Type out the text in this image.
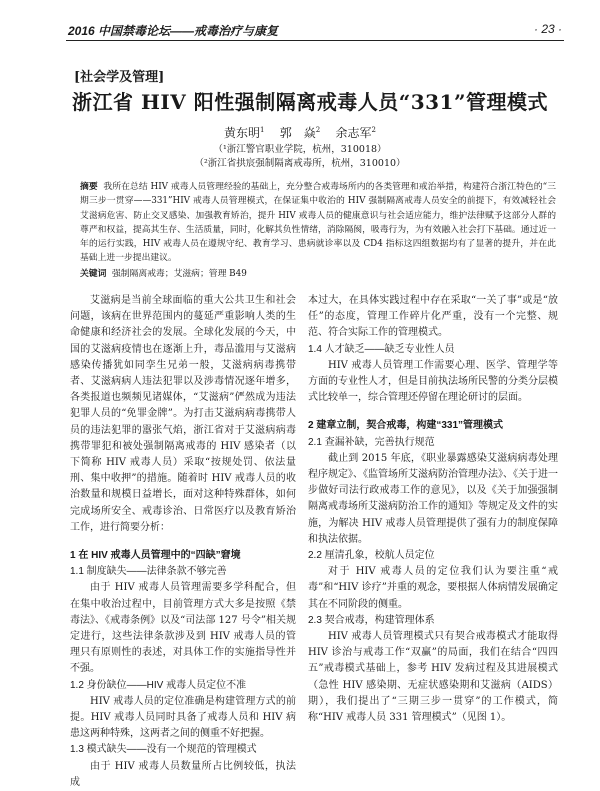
2016 中国禁毒论坛——戒毒治疗与康复	· 23 ·
[社会学及管理]
浙江省 HIV 阳性强制隔离戒毒人员“331”管理模式
黄东明$^1$ 郭　焱$^2$ 余志军$^2$
（¹浙江警官职业学院，杭州，310018）
（²浙江省拱宸强制隔离戒毒所，杭州，310010）
摘要 我所在总结 HIV 戒毒人员管理经验的基础上，充分整合戒毒场所内的各类管理和戒治举措，构建符合浙江特色的“三期三步一贯穿——331”HIV 戒毒人员管理模式，在保证集中收治的 HIV 强制隔离戒毒人员安全的前提下，有效减轻社会艾滋病危害、防止交叉感染、加强教育矫治，提升 HIV 戒毒人员的健康意识与社会适应能力，维护法律赋予这部分人群的尊严和权益，提高其生存、生活质量，同时，化解其负性情绪，消除隔阂，吸毒行为，为有效融入社会打下基础。通过近一年的运行实践，HIV 戒毒人员在遵规守纪、教育学习、患病就诊率以及 CD4 指标这四组数据均有了显著的提升，并在此基础上进一步提出建议。
关键词 强制隔离戒毒；艾滋病；管理 B49

艾滋病是当前全球面临的重大公共卫生和社会问题，该病在世界范围内的蔓延严重影响人类的生命健康和经济社会的发展。全球化发展的今天，中国的艾滋病疫情也在逐渐上升，毒品滥用与艾滋病感染传播犹如同孪生兄弟一般，艾滋病病毒携带者、艾滋病病人违法犯罪以及涉毒情况逐年增多，各类报道也频频见诸媒体，“艾滋病”俨然成为违法犯罪人员的“免罪金牌”。为打击艾滋病病毒携带人员的违法犯罪的嚣张气焰，浙江省对于艾滋病病毒携带罪犯和被处强制隔离戒毒的 HIV 感染者（以下简称 HIV 戒毒人员）采取“按规处罚、依法量刑、集中收押”的措施。随着时 HIV 戒毒人员的收治数量和规模日益增长，面对这种特殊群体，如何完成场所安全、戒毒诊治、日常医疗以及教育矫治工作，进行简要分析：

1 在 HIV 戒毒人员管理中的“四缺”窘境
1.1 制度缺失——法律条款不够完善

由于 HIV 戒毒人员管理需要多学科配合，但在集中收治过程中，目前管理方式大多是按照《禁毒法》、《戒毒条例》以及“司法部 127 号令”相关规定进行，这些法律条款涉及到 HIV 戒毒人员的管理只有原则性的表述，对具体工作的实施指导性并不强。

1.2 身份缺位——HIV 戒毒人员定位不准

HIV 戒毒人员的定位准确是构建管理方式的前提。HIV 戒毒人员同时具备了戒毒人员和 HIV 病患这两种特殊，这两者之间的侧重不好把握。

1.3 模式缺失——没有一个规范的管理模式

由于 HIV 戒毒人员数量所占比例较低，执法成

本过大，在具体实践过程中存在采取“一关了事”或是“放任”的态度，管理工作碎片化严重，没有一个完整、规范、符合实际工作的管理模式。

1.4 人才缺乏——缺乏专业性人员

HIV 戒毒人员管理工作需要心理、医学、管理学等方面的专业性人才，但是目前执法场所民警的分类分层模式比较单一，综合管理还停留在理论研讨的层面。

2 建章立制，契合戒毒，构建“331”管理模式
2.1 查漏补缺，完善执行规范

截止到 2015 年底，《职业暴露感染艾滋病病毒处理程序规定》、《监管场所艾滋病防治管理办法》、《关于进一步做好司法行政戒毒工作的意见》，以及《关于加强强制隔离戒毒场所艾滋病防治工作的通知》等规定及文件的实施，为解决 HIV 戒毒人员管理提供了强有力的制度保障和执法依据。

2.2 厘清孔象，校航人员定位

对于 HIV 戒毒人员的定位我们认为要注重“戒毒”和“HIV 诊疗”并重的观念，要根据人体病情发展确定其在不同阶段的侧重。

2.3 契合戒毒，构建管理体系

HIV 戒毒人员管理模式只有契合戒毒模式才能取得 HIV 诊治与戒毒工作“双赢”的局面，我们在结合“四四五”戒毒模式基础上，参考 HIV 发病过程及其进展模式（急性 HIV 感染期、无症状感染期和艾滋病（AIDS）期），我们提出了“三期三步一贯穿”的工作模式，简称“HIV 戒毒人员 331 管理模式”（见图 1）。
